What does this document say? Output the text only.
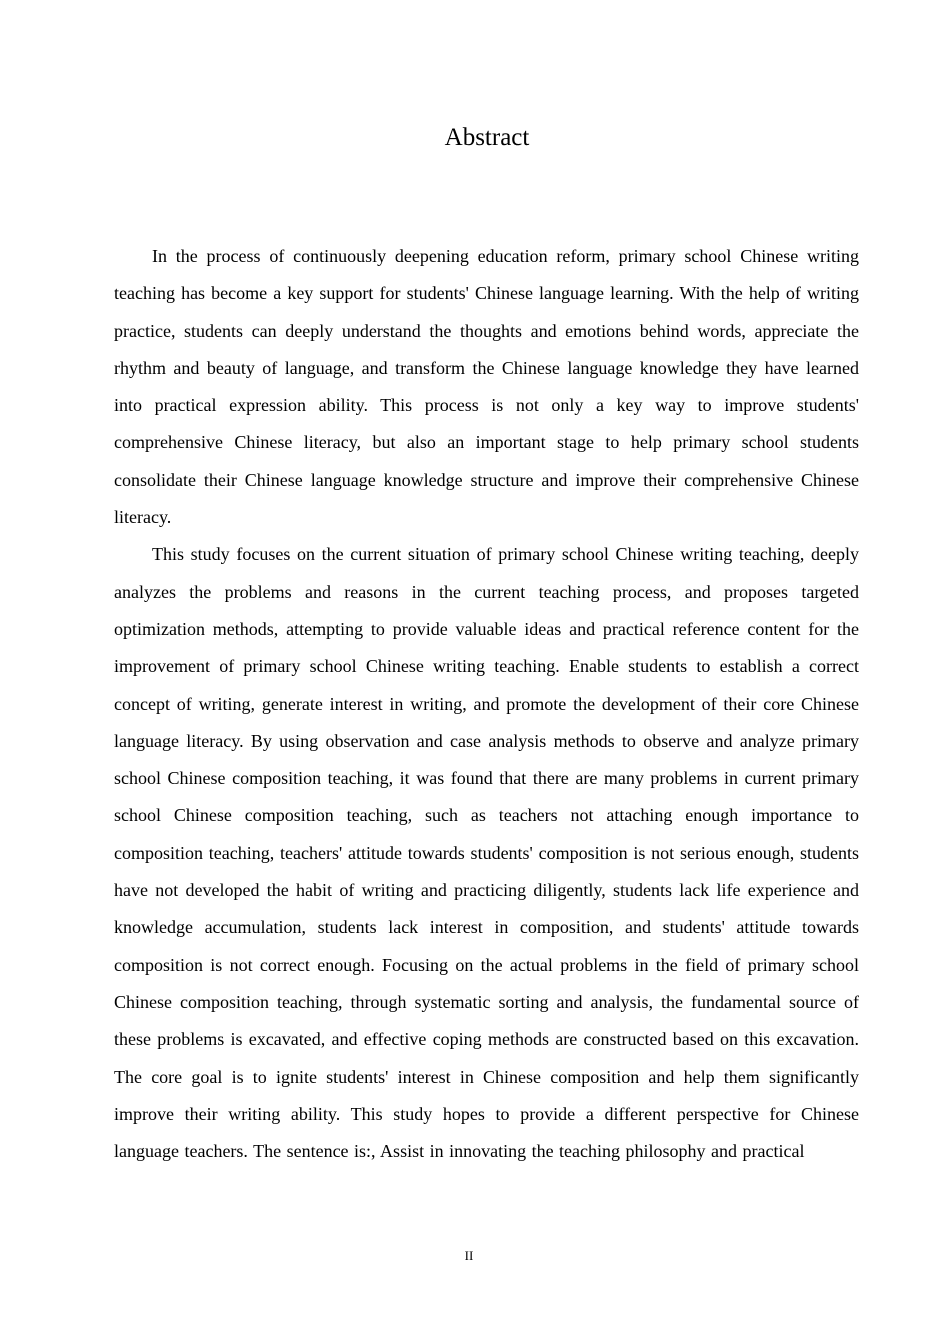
Abstract

In the process of continuously deepening education reform, primary school Chinese writing teaching has become a key support for students' Chinese language learning. With the help of writing practice, students can deeply understand the thoughts and emotions behind words, appreciate the rhythm and beauty of language, and transform the Chinese language knowledge they have learned into practical expression ability. This process is not only a key way to improve students' comprehensive Chinese literacy, but also an important stage to help primary school students consolidate their Chinese language knowledge structure and improve their comprehensive Chinese literacy.

This study focuses on the current situation of primary school Chinese writing teaching, deeply analyzes the problems and reasons in the current teaching process, and proposes targeted optimization methods, attempting to provide valuable ideas and practical reference content for the improvement of primary school Chinese writing teaching. Enable students to establish a correct concept of writing, generate interest in writing, and promote the development of their core Chinese language literacy. By using observation and case analysis methods to observe and analyze primary school Chinese composition teaching, it was found that there are many problems in current primary school Chinese composition teaching, such as teachers not attaching enough importance to composition teaching, teachers' attitude towards students' composition is not serious enough, students have not developed the habit of writing and practicing diligently, students lack life experience and knowledge accumulation, students lack interest in composition, and students' attitude towards composition is not correct enough. Focusing on the actual problems in the field of primary school Chinese composition teaching, through systematic sorting and analysis, the fundamental source of these problems is excavated, and effective coping methods are constructed based on this excavation. The core goal is to ignite students' interest in Chinese composition and help them significantly improve their writing ability. This study hopes to provide a different perspective for Chinese language teachers. The sentence is:, Assist in innovating the teaching philosophy and practical

II
